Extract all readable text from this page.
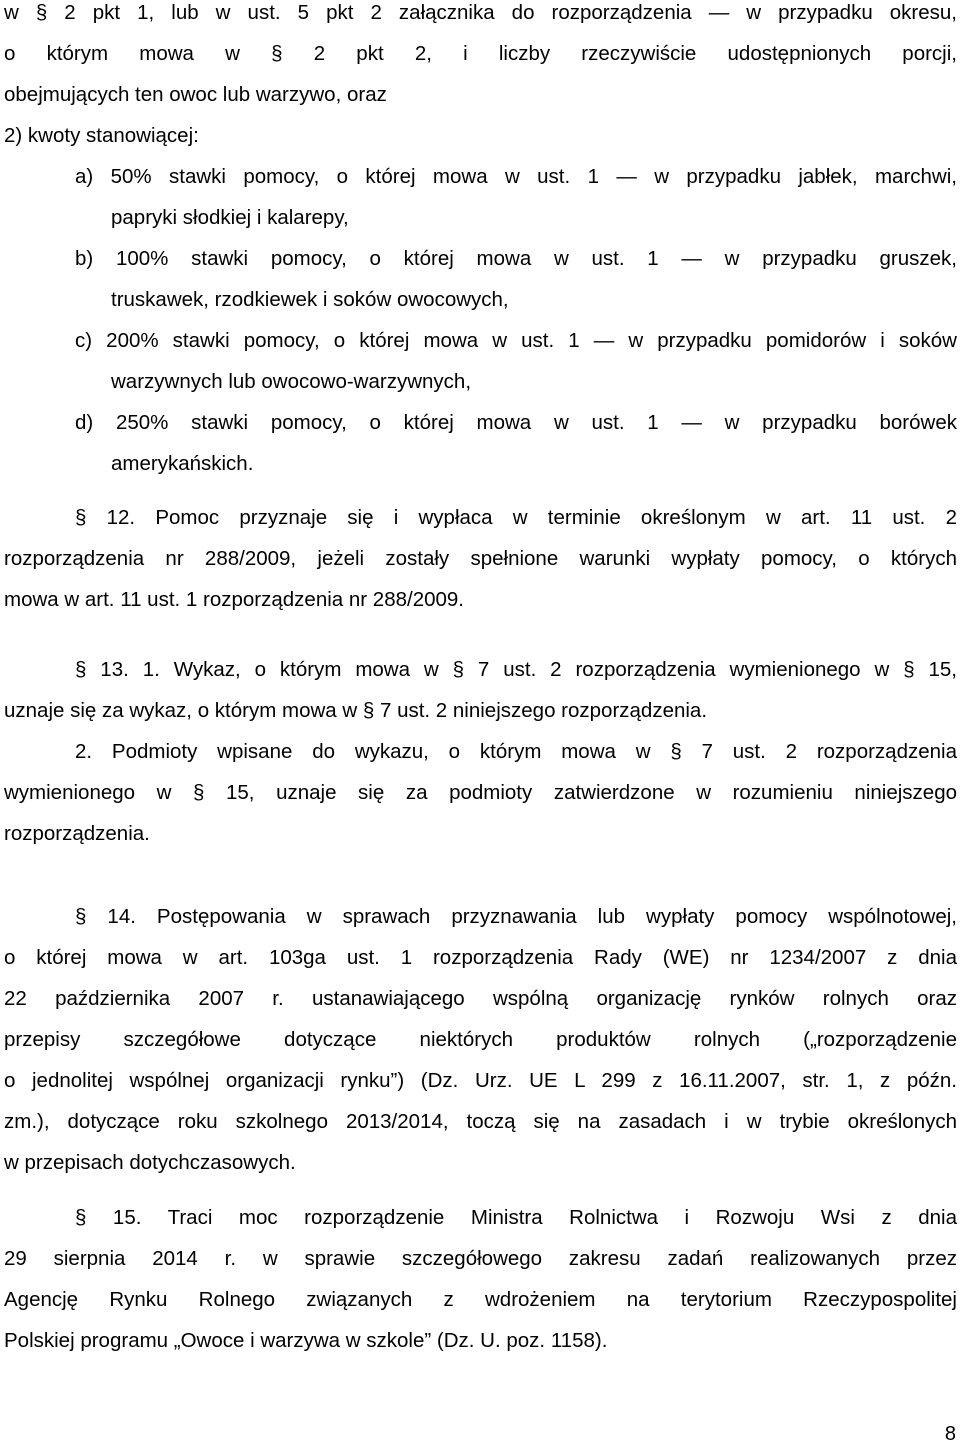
w § 2 pkt 1, lub w ust. 5 pkt 2 załącznika do rozporządzenia — w przypadku okresu,
o którym mowa w § 2 pkt 2, i liczby rzeczywiście udostępnionych porcji,
obejmujących ten owoc lub warzywo, oraz
2) kwoty stanowiącej:
a) 50% stawki pomocy, o której mowa w ust. 1 — w przypadku jabłek, marchwi,
papryki słodkiej i kalarepy,
b) 100% stawki pomocy, o której mowa w ust. 1 — w przypadku gruszek,
truskawek, rzodkiewek i soków owocowych,
c) 200% stawki pomocy, o której mowa w ust. 1 — w przypadku pomidorów i soków
warzywnych lub owocowo-warzywnych,
d) 250% stawki pomocy, o której mowa w ust. 1 — w przypadku borówek
amerykańskich.
§ 12. Pomoc przyznaje się i wypłaca w terminie określonym w art. 11 ust. 2
rozporządzenia nr 288/2009, jeżeli zostały spełnione warunki wypłaty pomocy, o których
mowa w art. 11 ust. 1 rozporządzenia nr 288/2009.
§ 13. 1. Wykaz, o którym mowa w § 7 ust. 2 rozporządzenia wymienionego w § 15,
uznaje się za wykaz, o którym mowa w § 7 ust. 2 niniejszego rozporządzenia.
2. Podmioty wpisane do wykazu, o którym mowa w § 7 ust. 2 rozporządzenia
wymienionego w § 15, uznaje się za podmioty zatwierdzone w rozumieniu niniejszego
rozporządzenia.
§ 14. Postępowania w sprawach przyznawania lub wypłaty pomocy wspólnotowej,
o której mowa w art. 103ga ust. 1 rozporządzenia Rady (WE) nr 1234/2007 z dnia
22 października 2007 r. ustanawiającego wspólną organizację rynków rolnych oraz
przepisy szczegółowe dotyczące niektórych produktów rolnych („rozporządzenie
o jednolitej wspólnej organizacji rynku”) (Dz. Urz. UE L 299 z 16.11.2007, str. 1, z późn.
zm.), dotyczące roku szkolnego 2013/2014, toczą się na zasadach i w trybie określonych
w przepisach dotychczasowych.
§ 15. Traci moc rozporządzenie Ministra Rolnictwa i Rozwoju Wsi z dnia
29 sierpnia 2014 r. w sprawie szczegółowego zakresu zadań realizowanych przez
Agencję Rynku Rolnego związanych z wdrożeniem na terytorium Rzeczypospolitej
Polskiej programu „Owoce i warzywa w szkole” (Dz. U. poz. 1158).
8
